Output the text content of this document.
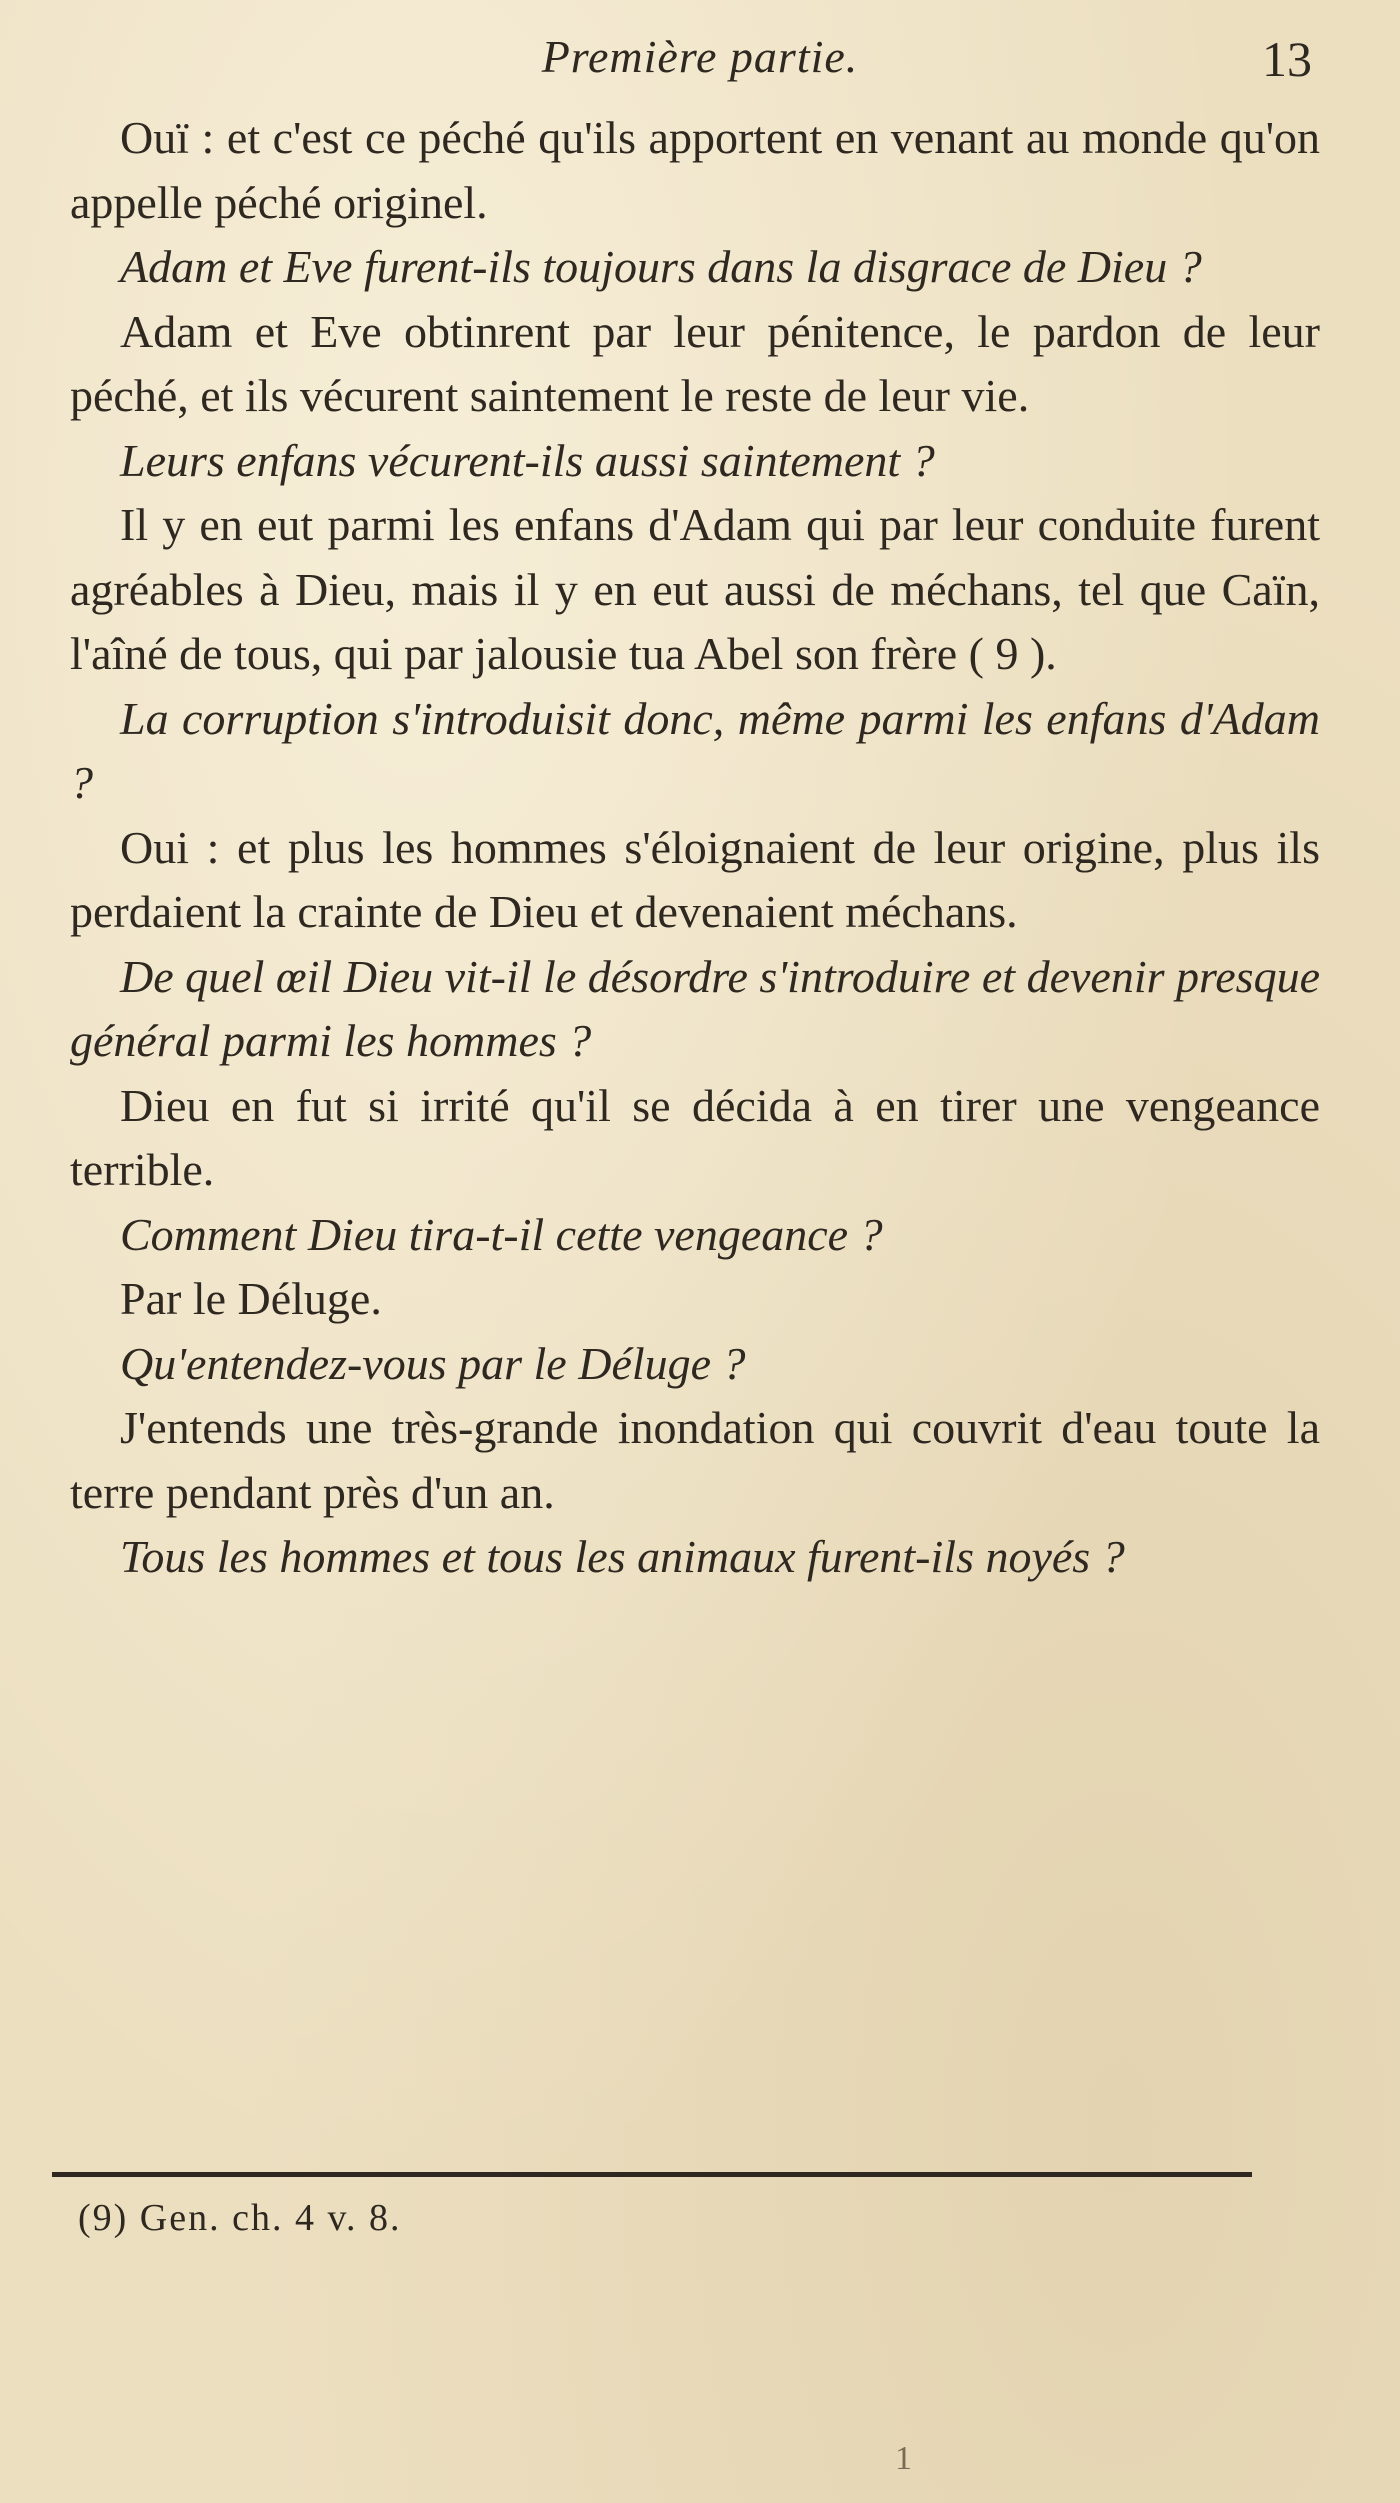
Première partie.	13

Ouï : et c'est ce péché qu'ils apportent en venant au monde qu'on appelle péché originel.

Adam et Eve furent-ils toujours dans la disgrace de Dieu ?

Adam et Eve obtinrent par leur pénitence, le pardon de leur péché, et ils vécurent saintement le reste de leur vie.

Leurs enfans vécurent-ils aussi saintement ?

Il y en eut parmi les enfans d'Adam qui par leur conduite furent agréables à Dieu, mais il y en eut aussi de méchans, tel que Caïn, l'aîné de tous, qui par jalousie tua Abel son frère ( 9 ).

La corruption s'introduisit donc, même parmi les enfans d'Adam ?

Oui : et plus les hommes s'éloignaient de leur origine, plus ils perdaient la crainte de Dieu et devenaient méchans.

De quel œil Dieu vit-il le désordre s'introduire et devenir presque général parmi les hommes ?

Dieu en fut si irrité qu'il se décida à en tirer une vengeance terrible.

Comment Dieu tira-t-il cette vengeance ?

Par le Déluge.

Qu'entendez-vous par le Déluge ?

J'entends une très-grande inondation qui couvrit d'eau toute la terre pendant près d'un an.

Tous les hommes et tous les animaux furent-ils noyés ?

(9) Gen. ch. 4 v. 8.
1
